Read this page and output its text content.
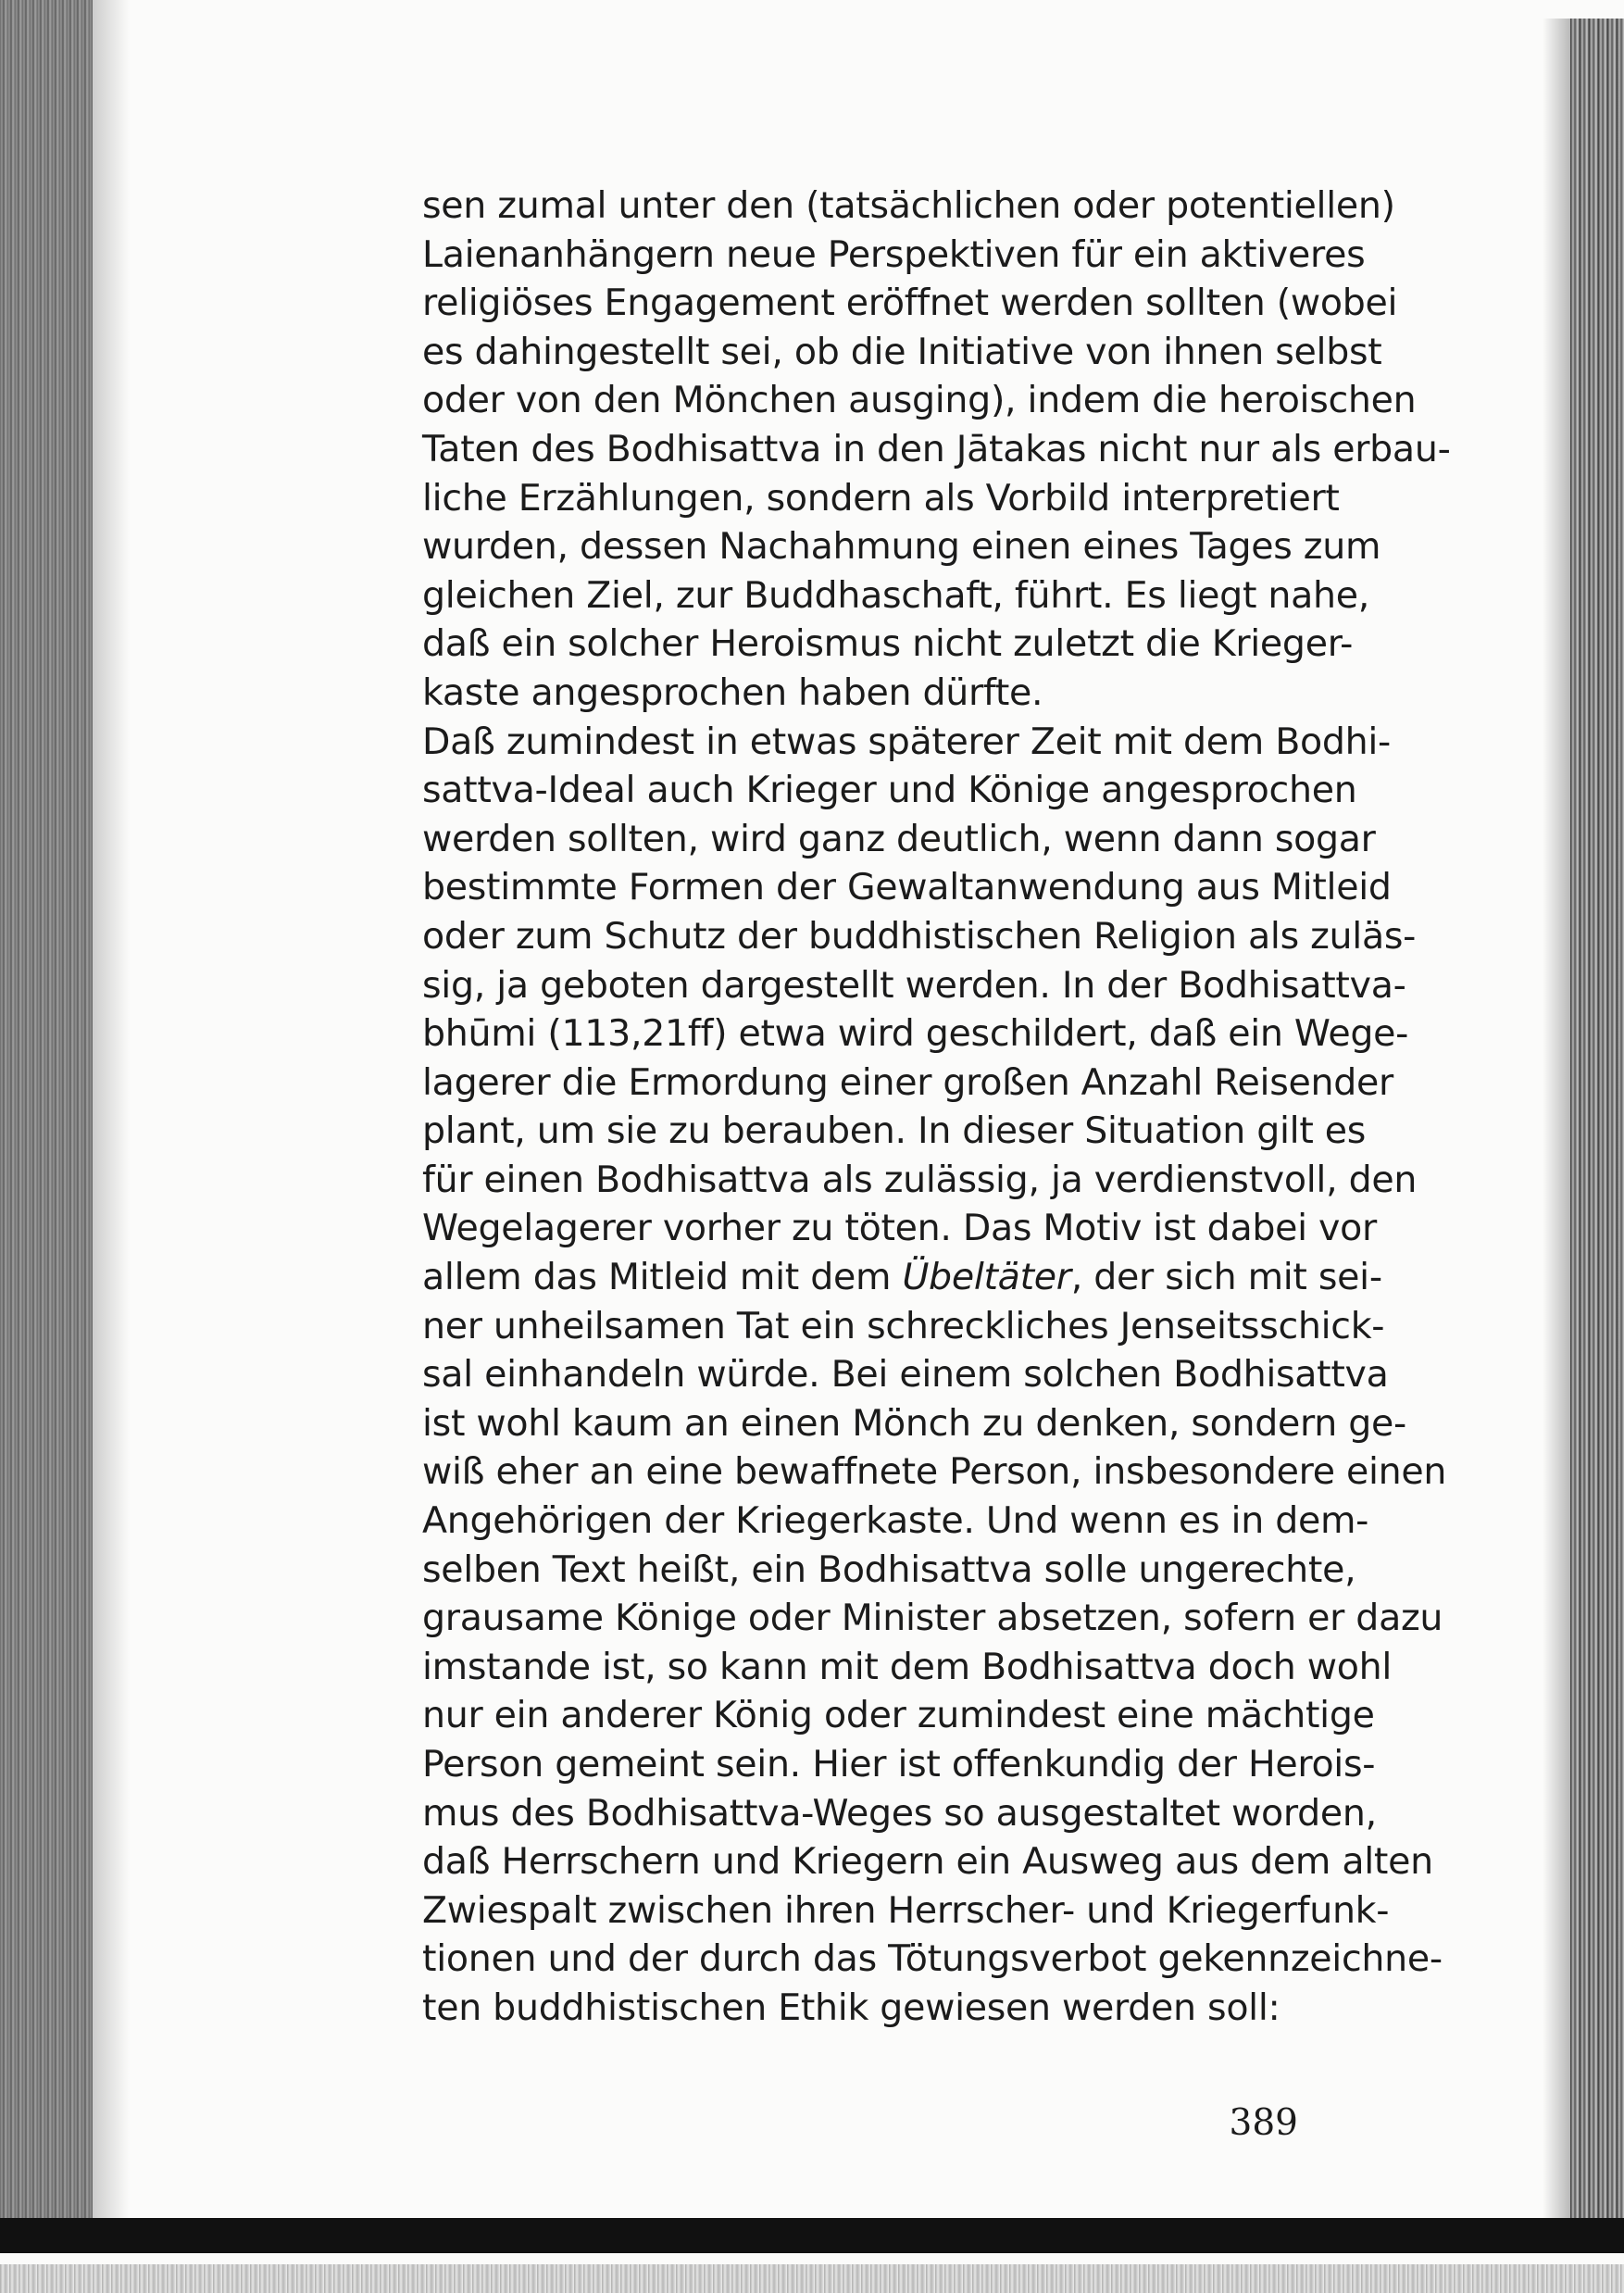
sen zumal unter den (tatsächlichen oder potentiellen)
Laienanhängern neue Perspektiven für ein aktiveres
religiöses Engagement eröffnet werden sollten (wobei
es dahingestellt sei, ob die Initiative von ihnen selbst
oder von den Mönchen ausging), indem die heroischen
Taten des Bodhisattva in den Jātakas nicht nur als erbau-
liche Erzählungen, sondern als Vorbild interpretiert
wurden, dessen Nachahmung einen eines Tages zum
gleichen Ziel, zur Buddhaschaft, führt. Es liegt nahe,
daß ein solcher Heroismus nicht zuletzt die Krieger-
kaste angesprochen haben dürfte.
Daß zumindest in etwas späterer Zeit mit dem Bodhi-
sattva-Ideal auch Krieger und Könige angesprochen
werden sollten, wird ganz deutlich, wenn dann sogar
bestimmte Formen der Gewaltanwendung aus Mitleid
oder zum Schutz der buddhistischen Religion als zuläs-
sig, ja geboten dargestellt werden. In der Bodhisattva-
bhūmi (113,21ff) etwa wird geschildert, daß ein Wege-
lagerer die Ermordung einer großen Anzahl Reisender
plant, um sie zu berauben. In dieser Situation gilt es
für einen Bodhisattva als zulässig, ja verdienstvoll, den
Wegelagerer vorher zu töten. Das Motiv ist dabei vor
allem das Mitleid mit dem Übeltäter, der sich mit sei-
ner unheilsamen Tat ein schreckliches Jenseitsschick-
sal einhandeln würde. Bei einem solchen Bodhisattva
ist wohl kaum an einen Mönch zu denken, sondern ge-
wiß eher an eine bewaffnete Person, insbesondere einen
Angehörigen der Kriegerkaste. Und wenn es in dem-
selben Text heißt, ein Bodhisattva solle ungerechte,
grausame Könige oder Minister absetzen, sofern er dazu
imstande ist, so kann mit dem Bodhisattva doch wohl
nur ein anderer König oder zumindest eine mächtige
Person gemeint sein. Hier ist offenkundig der Herois-
mus des Bodhisattva-Weges so ausgestaltet worden,
daß Herrschern und Kriegern ein Ausweg aus dem alten
Zwiespalt zwischen ihren Herrscher- und Kriegerfunk-
tionen und der durch das Tötungsverbot gekennzeichne-
ten buddhistischen Ethik gewiesen werden soll:
389
